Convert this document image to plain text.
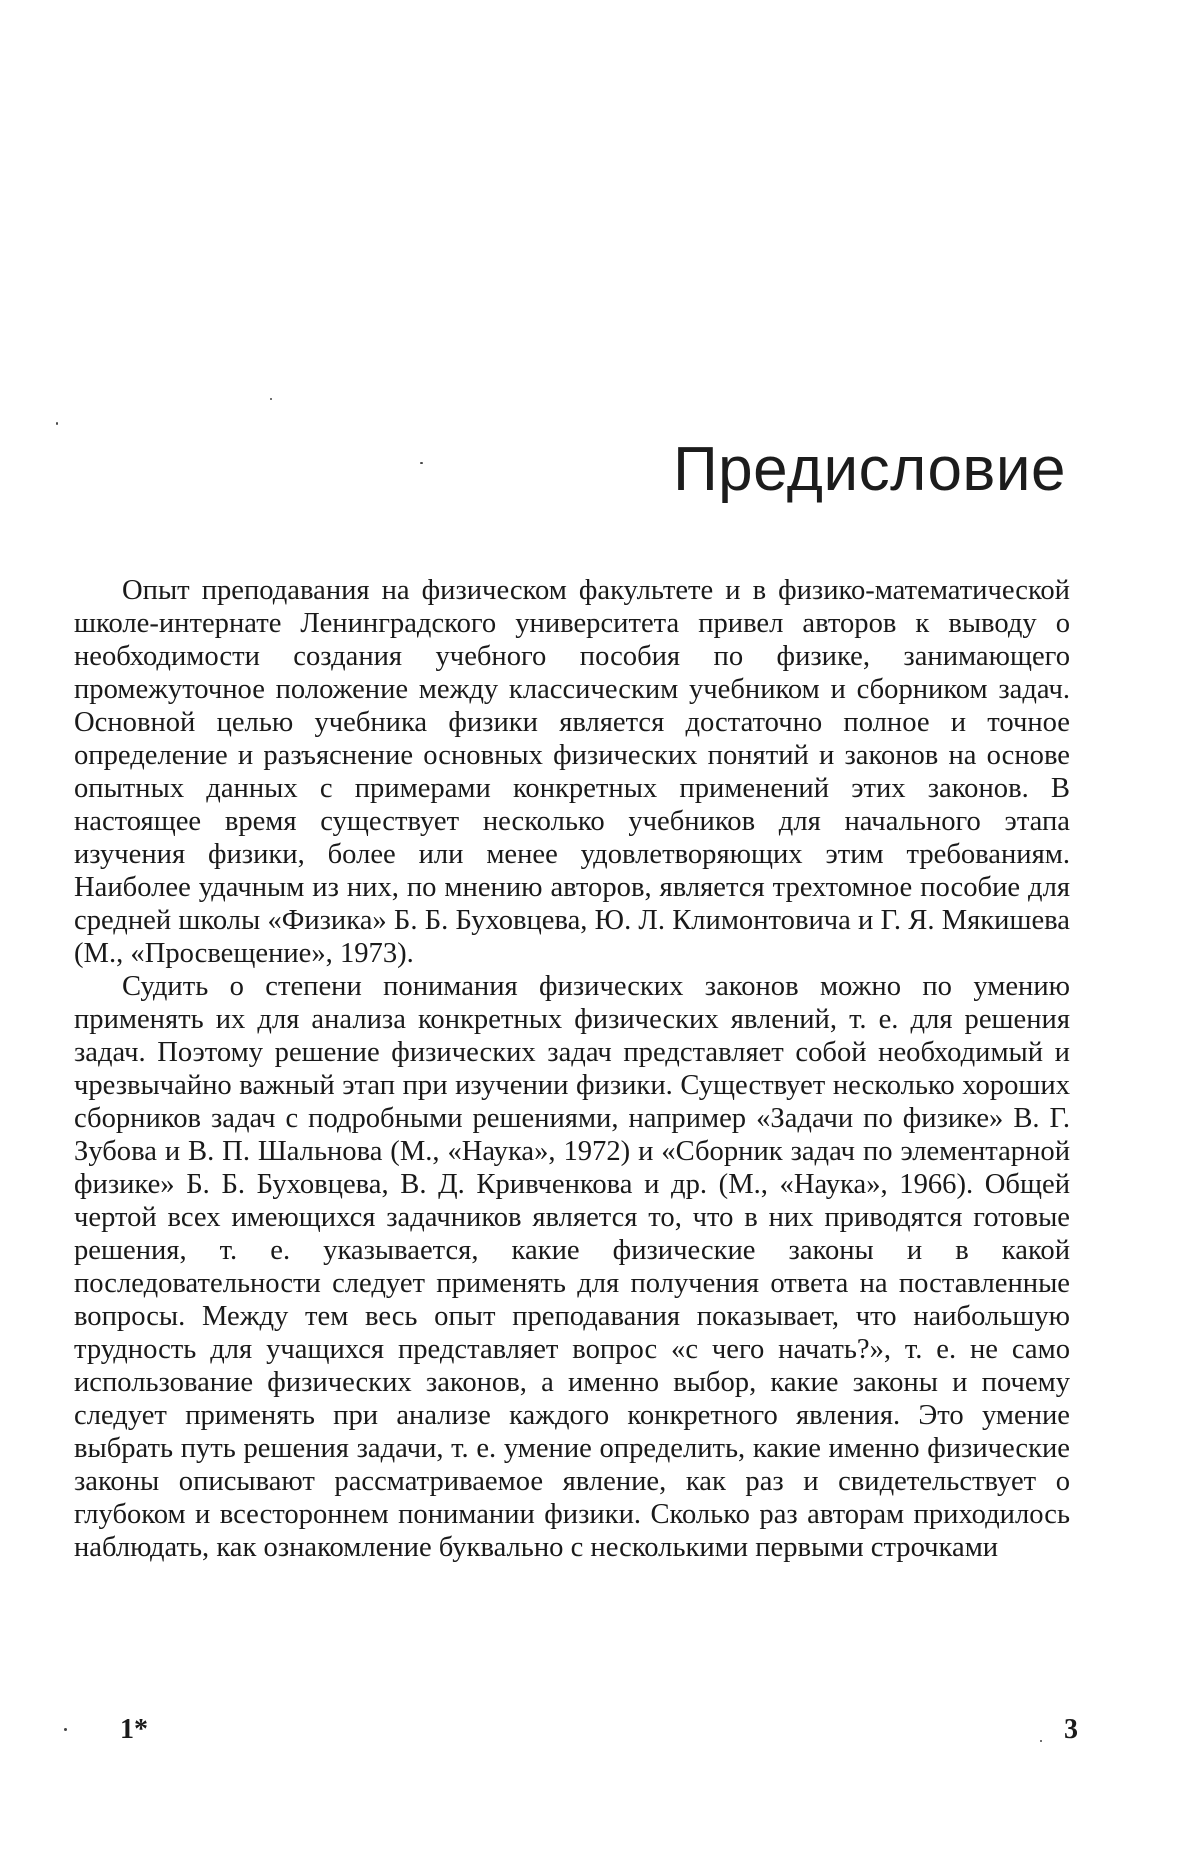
Предисловие

Опыт преподавания на физическом факультете и в физико-математической школе-интернате Ленинградского университета привел авторов к выводу о необходимости создания учебного пособия по физике, занимающего промежуточное положение между классическим учебником и сборником задач. Основной целью учебника физики является достаточно полное и точное определение и разъяснение основных физических понятий и законов на основе опытных данных с примерами конкретных применений этих законов. В настоящее время существует несколько учебников для начального этапа изучения физики, более или менее удовлетворяющих этим требованиям. Наиболее удачным из них, по мнению авторов, является трехтомное пособие для средней школы «Физика» Б. Б. Буховцева, Ю. Л. Климонтовича и Г. Я. Мякишева (М., «Просвещение», 1973).

Судить о степени понимания физических законов можно по умению применять их для анализа конкретных физических явлений, т. е. для решения задач. Поэтому решение физических задач представляет собой необходимый и чрезвычайно важный этап при изучении физики. Существует несколько хороших сборников задач с подробными решениями, например «Задачи по физике» В. Г. Зубова и В. П. Шальнова (М., «Наука», 1972) и «Сборник задач по элементарной физике» Б. Б. Буховцева, В. Д. Кривченкова и др. (М., «Наука», 1966). Общей чертой всех имеющихся задачников является то, что в них приводятся готовые решения, т. е. указывается, какие физические законы и в какой последовательности следует применять для получения ответа на поставленные вопросы. Между тем весь опыт преподавания показывает, что наибольшую трудность для учащихся представляет вопрос «с чего начать?», т. е. не само использование физических законов, а именно выбор, какие законы и почему следует применять при анализе каждого конкретного явления. Это умение выбрать путь решения задачи, т. е. умение определить, какие именно физические законы описывают рассматриваемое явление, как раз и свидетельствует о глубоком и всестороннем понимании физики. Сколько раз авторам приходилось наблюдать, как ознакомление буквально с несколькими первыми строчками

1*	3
